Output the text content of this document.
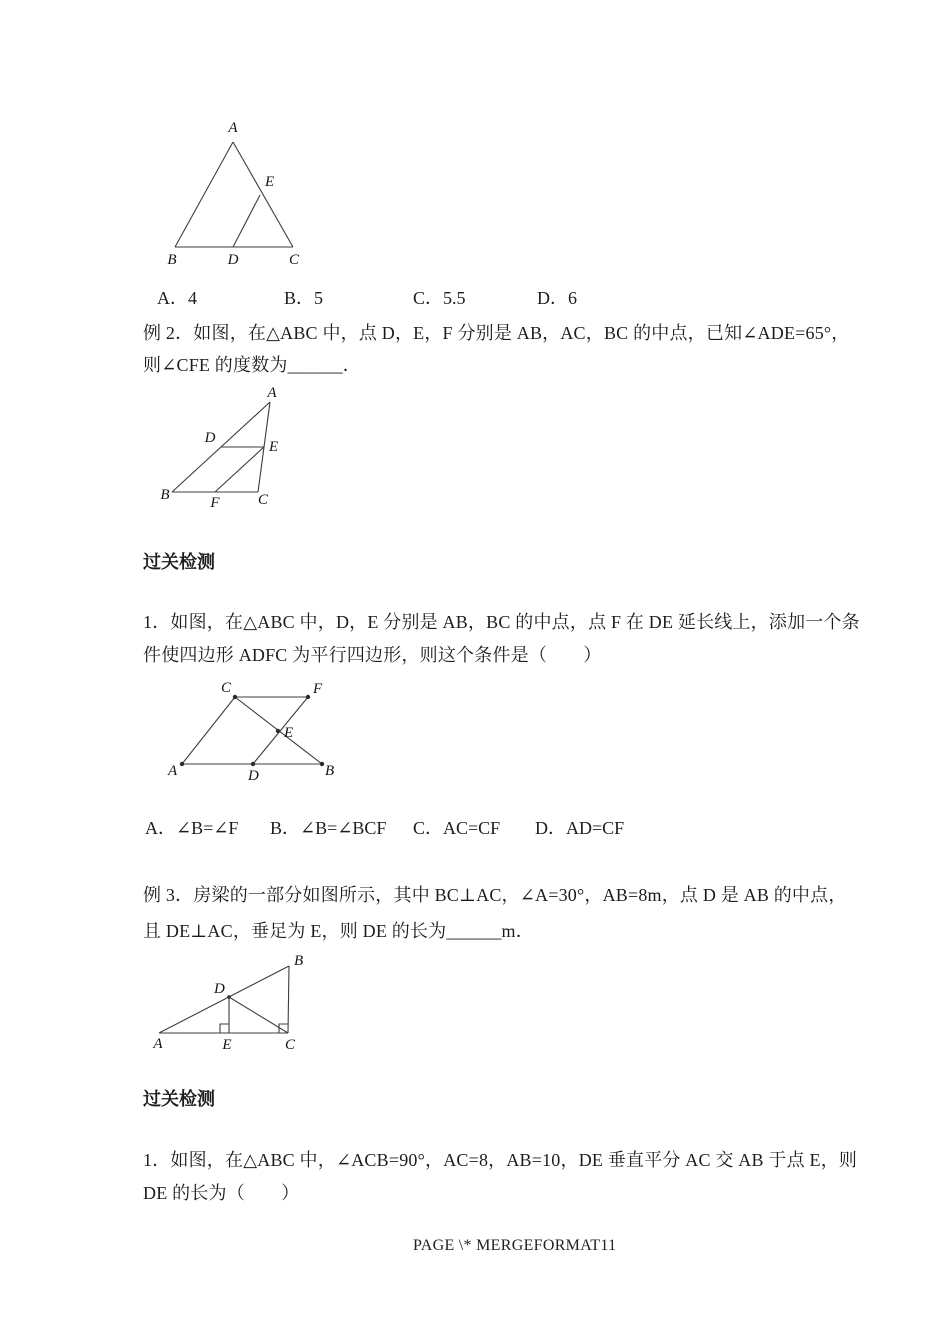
A
B	D	C
E
A．4	B．5	C．5.5	D．6
例 2．如图，在△ABC 中，点 D，E，F 分别是 AB，AC，BC 的中点，已知∠ADE=65°，
则∠CFE 的度数为______．
A
B	C
D
E
F
过关检测
1．如图，在△ABC 中，D，E 分别是 AB，BC 的中点，点 F 在 DE 延长线上，添加一个条
件使四边形 ADFC 为平行四边形，则这个条件是（　　）
C	F
E
A	D	B
A．∠B=∠F B．∠B=∠BCF C．AC=CF D．AD=CF
例 3．房梁的一部分如图所示，其中 BC⊥AC，∠A=30°，AB=8m，点 D 是 AB 的中点，
且 DE⊥AC，垂足为 E，则 DE 的长为______m．
B
D
A	E	C
过关检测
1．如图，在△ABC 中，∠ACB=90°，AC=8，AB=10，DE 垂直平分 AC 交 AB 于点 E，则
DE 的长为（　　）
PAGE \* MERGEFORMAT11
